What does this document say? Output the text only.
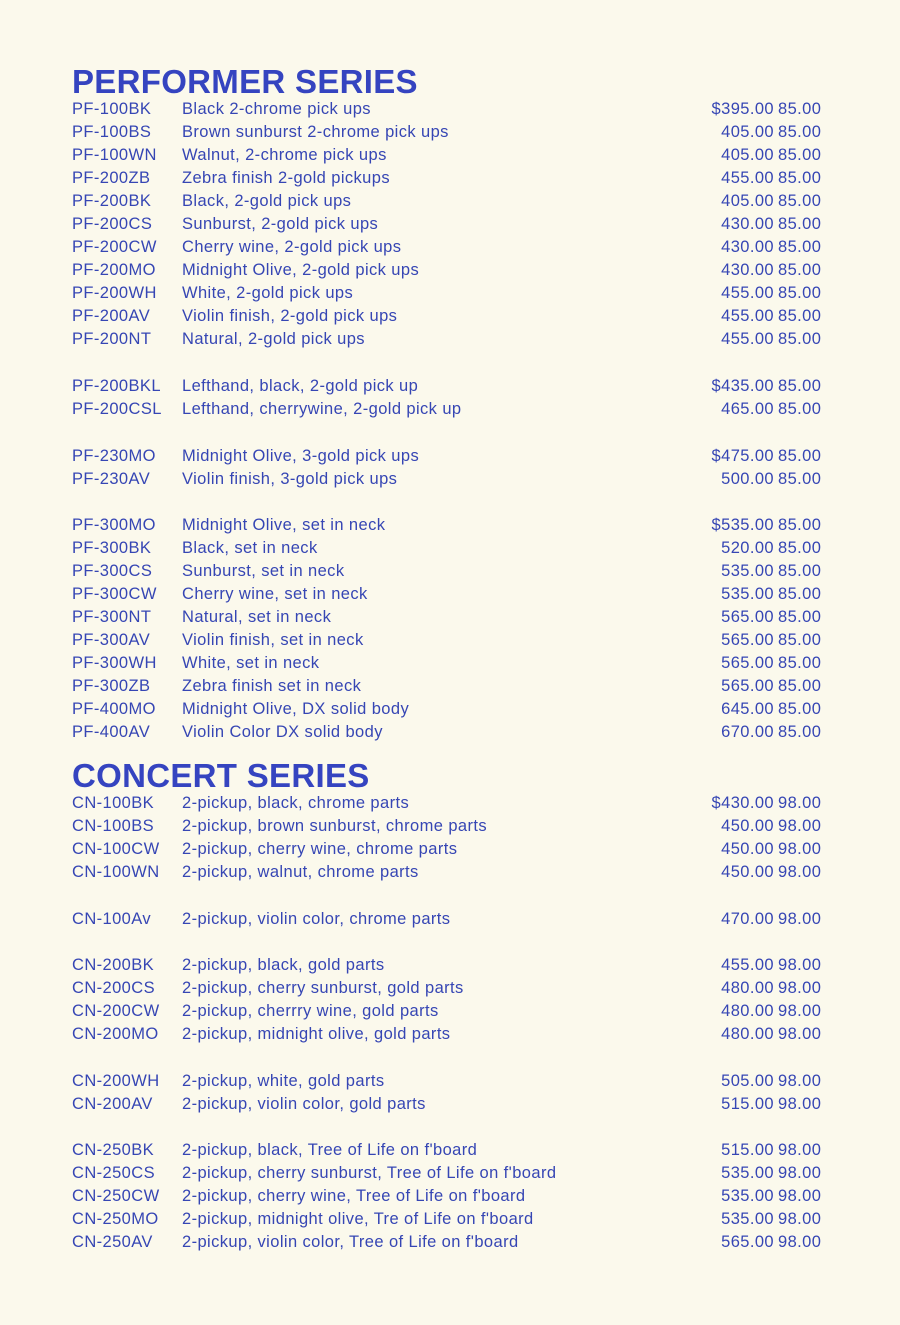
PERFORMER SERIES
PF-100BK Black 2-chrome pick ups	$395.00 85.00
PF-100BS Brown sunburst 2-chrome pick ups	405.00 85.00
PF-100WN Walnut, 2-chrome pick ups	405.00 85.00
PF-200ZB Zebra finish 2-gold pickups	455.00 85.00
PF-200BK Black, 2-gold pick ups	405.00 85.00
PF-200CS Sunburst, 2-gold pick ups	430.00 85.00
PF-200CW Cherry wine, 2-gold pick ups	430.00 85.00
PF-200MO Midnight Olive, 2-gold pick ups	430.00 85.00
PF-200WH White, 2-gold pick ups	455.00 85.00
PF-200AV Violin finish, 2-gold pick ups	455.00 85.00
PF-200NT Natural, 2-gold pick ups	455.00 85.00
PF-200BKL Lefthand, black, 2-gold pick up	$435.00 85.00
PF-200CSL Lefthand, cherrywine, 2-gold pick up	465.00 85.00
PF-230MO Midnight Olive, 3-gold pick ups	$475.00 85.00
PF-230AV Violin finish, 3-gold pick ups	500.00 85.00
PF-300MO Midnight Olive, set in neck	$535.00 85.00
PF-300BK Black, set in neck	520.00 85.00
PF-300CS Sunburst, set in neck	535.00 85.00
PF-300CW Cherry wine, set in neck	535.00 85.00
PF-300NT Natural, set in neck	565.00 85.00
PF-300AV Violin finish, set in neck	565.00 85.00
PF-300WH White, set in neck	565.00 85.00
PF-300ZB Zebra finish set in neck	565.00 85.00
PF-400MO Midnight Olive, DX solid body	645.00 85.00
PF-400AV Violin Color DX solid body	670.00 85.00
CONCERT SERIES
CN-100BK 2-pickup, black, chrome parts	$430.00 98.00
CN-100BS 2-pickup, brown sunburst, chrome parts	450.00 98.00
CN-100CW 2-pickup, cherry wine, chrome parts	450.00 98.00
CN-100WN 2-pickup, walnut, chrome parts	450.00 98.00
CN-100Av 2-pickup, violin color, chrome parts	470.00 98.00
CN-200BK 2-pickup, black, gold parts	455.00 98.00
CN-200CS 2-pickup, cherry sunburst, gold parts	480.00 98.00
CN-200CW 2-pickup, cherrry wine, gold parts	480.00 98.00
CN-200MO 2-pickup, midnight olive, gold parts	480.00 98.00
CN-200WH 2-pickup, white, gold parts	505.00 98.00
CN-200AV 2-pickup, violin color, gold parts	515.00 98.00
CN-250BK 2-pickup, black, Tree of Life on f'board	515.00 98.00
CN-250CS 2-pickup, cherry sunburst, Tree of Life on f'board	535.00 98.00
CN-250CW 2-pickup, cherry wine, Tree of Life on f'board	535.00 98.00
CN-250MO 2-pickup, midnight olive, Tre of Life on f'board	535.00 98.00
CN-250AV 2-pickup, violin color, Tree of Life on f'board	565.00 98.00
